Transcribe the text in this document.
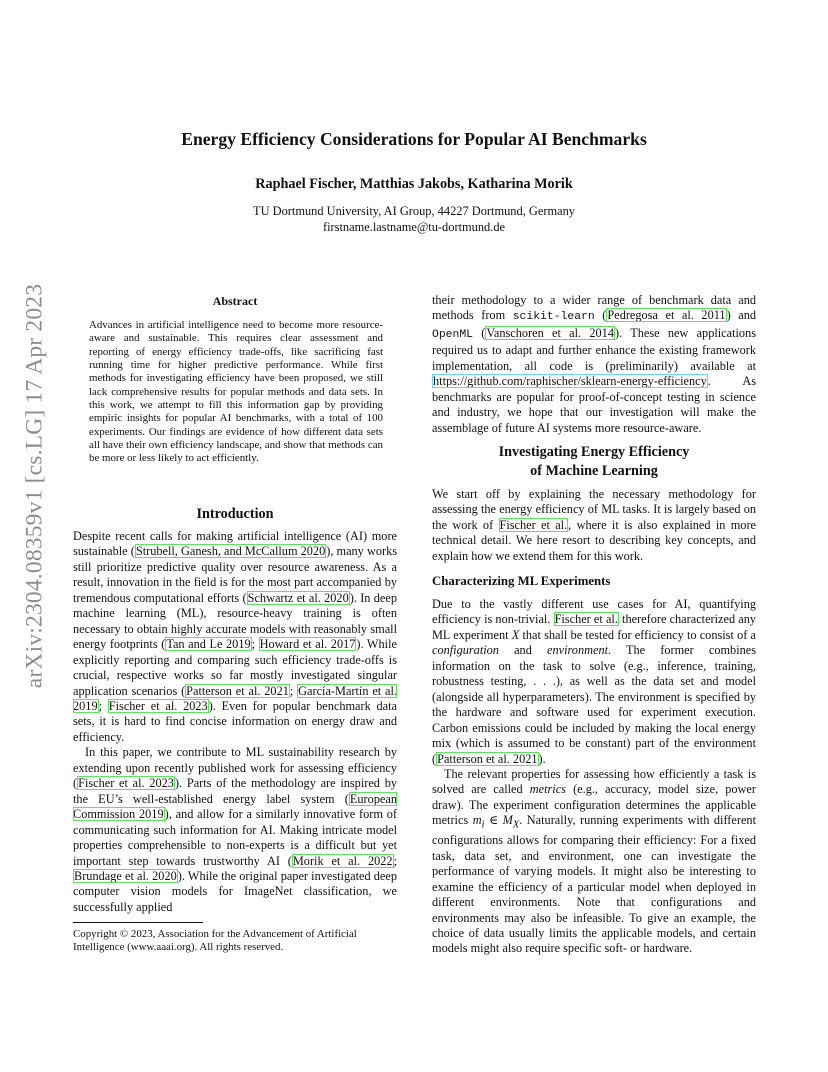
arXiv:2304.08359v1 [cs.LG] 17 Apr 2023
Energy Efficiency Considerations for Popular AI Benchmarks
Raphael Fischer, Matthias Jakobs, Katharina Morik
TU Dortmund University, AI Group, 44227 Dortmund, Germany
firstname.lastname@tu-dortmund.de
Abstract
Advances in artificial intelligence need to become more resource-aware and sustainable. This requires clear assessment and reporting of energy efficiency trade-offs, like sacrificing fast running time for higher predictive performance. While first methods for investigating efficiency have been proposed, we still lack comprehensive results for popular methods and data sets. In this work, we attempt to fill this information gap by providing empiric insights for popular AI benchmarks, with a total of 100 experiments. Our findings are evidence of how different data sets all have their own efficiency landscape, and show that methods can be more or less likely to act efficiently.
Introduction

Despite recent calls for making artificial intelligence (AI) more sustainable (Strubell, Ganesh, and McCallum 2020), many works still prioritize predictive quality over resource awareness. As a result, innovation in the field is for the most part accompanied by tremendous computational efforts (Schwartz et al. 2020). In deep machine learning (ML), resource-heavy training is often necessary to obtain highly accurate models with reasonably small energy footprints (Tan and Le 2019; Howard et al. 2017). While explicitly reporting and comparing such efficiency trade-offs is crucial, respective works so far mostly investigated singular application scenarios (Patterson et al. 2021; García-Martín et al. 2019; Fischer et al. 2023). Even for popular benchmark data sets, it is hard to find concise information on energy draw and efficiency.

In this paper, we contribute to ML sustainability research by extending upon recently published work for assessing efficiency (Fischer et al. 2023). Parts of the methodology are inspired by the EU’s well-established energy label system (European Commission 2019), and allow for a similarly innovative form of communicating such information for AI. Making intricate model properties comprehensible to non-experts is a difficult but yet important step towards trustworthy AI (Morik et al. 2022; Brundage et al. 2020). While the original paper investigated deep computer vision models for ImageNet classification, we successfully applied

Copyright © 2023, Association for the Advancement of Artificial Intelligence (www.aaai.org). All rights reserved.

their methodology to a wider range of benchmark data and methods from scikit-learn (Pedregosa et al. 2011) and OpenML (Vanschoren et al. 2014). These new applications required us to adapt and further enhance the existing framework implementation, all code is (preliminarily) available at https://github.com/raphischer/sklearn-energy-efficiency. As benchmarks are popular for proof-of-concept testing in science and industry, we hope that our investigation will make the assemblage of future AI systems more resource-aware.

Investigating Energy Efficiency
of Machine Learning

We start off by explaining the necessary methodology for assessing the energy efficiency of ML tasks. It is largely based on the work of Fischer et al., where it is also explained in more technical detail. We here resort to describing key concepts, and explain how we extend them for this work.

Characterizing ML Experiments

Due to the vastly different use cases for AI, quantifying efficiency is non-trivial. Fischer et al. therefore characterized any ML experiment X that shall be tested for efficiency to consist of a configuration and environment. The former combines information on the task to solve (e.g., inference, training, robustness testing, . . .), as well as the data set and model (alongside all hyperparameters). The environment is specified by the hardware and software used for experiment execution. Carbon emissions could be included by making the local energy mix (which is assumed to be constant) part of the environment (Patterson et al. 2021).

The relevant properties for assessing how efficiently a task is solved are called metrics (e.g., accuracy, model size, power draw). The experiment configuration determines the applicable metrics $m_i$ ∈ $M_X$. Naturally, running experiments with different configurations allows for comparing their efficiency: For a fixed task, data set, and environment, one can investigate the performance of varying models. It might also be interesting to examine the efficiency of a particular model when deployed in different environments. Note that configurations and environments may also be infeasible. To give an example, the choice of data usually limits the applicable models, and certain models might also require specific soft- or hardware.
